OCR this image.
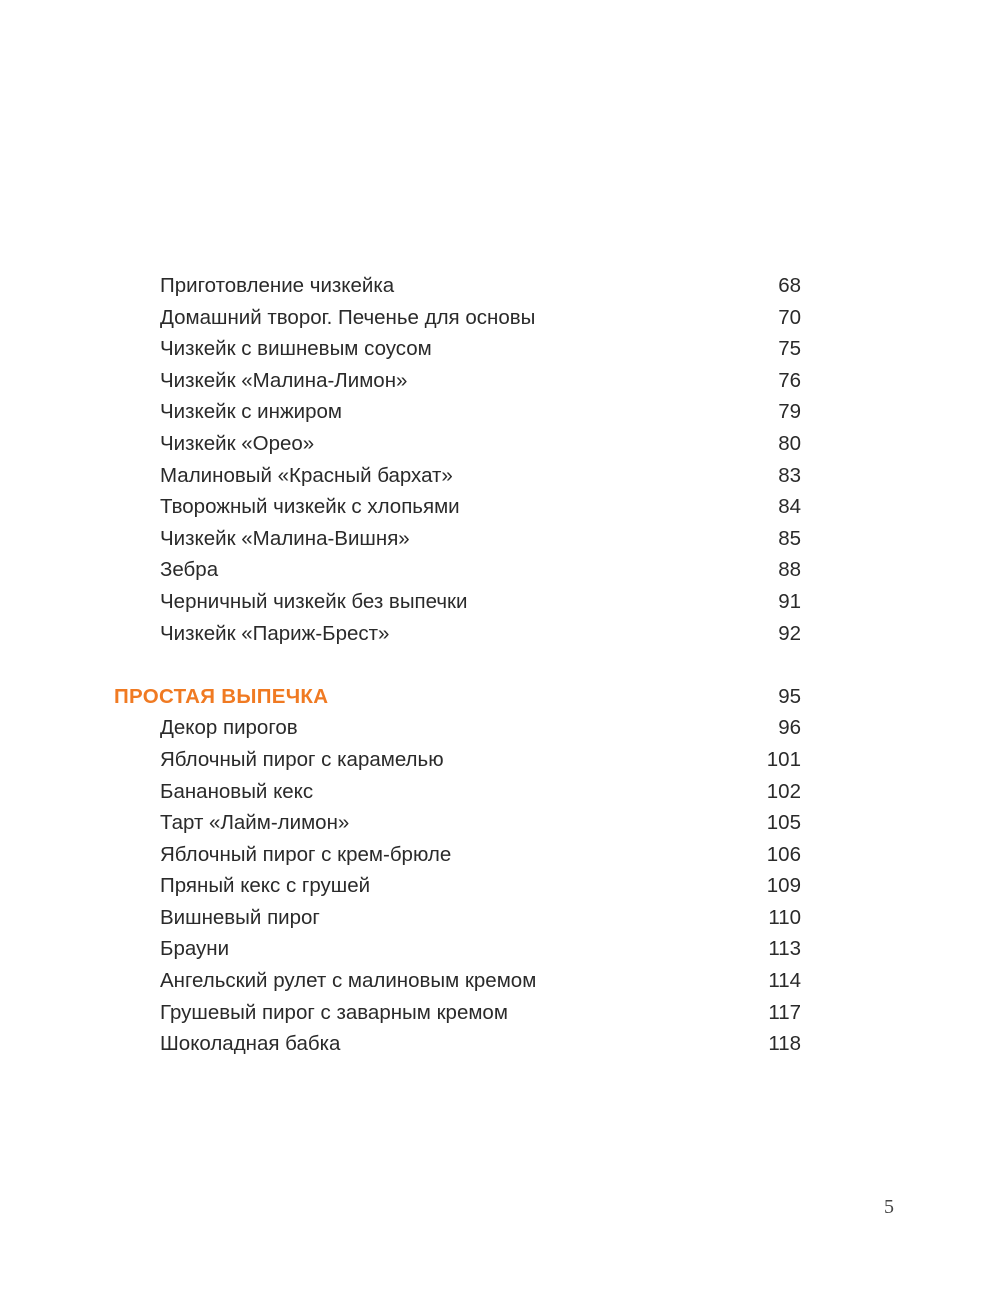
Приготовление чизкейка	68
Домашний творог. Печенье для основы	70
Чизкейк с вишневым соусом	75
Чизкейк «Малина-Лимон»	76
Чизкейк с инжиром	79
Чизкейк «Орео»	80
Малиновый «Красный бархат»	83
Творожный чизкейк с хлопьями	84
Чизкейк «Малина-Вишня»	85
Зебра	88
Черничный чизкейк без выпечки	91
Чизкейк «Париж-Брест»	92
ПРОСТАЯ ВЫПЕЧКА	95
Декор пирогов	96
Яблочный пирог с карамелью	101
Банановый кекс	102
Тарт «Лайм-лимон»	105
Яблочный пирог с крем-брюле	106
Пряный кекс с грушей	109
Вишневый пирог	110
Брауни	113
Ангельский рулет с малиновым кремом	114
Грушевый пирог с заварным кремом	117
Шоколадная бабка	118
5
